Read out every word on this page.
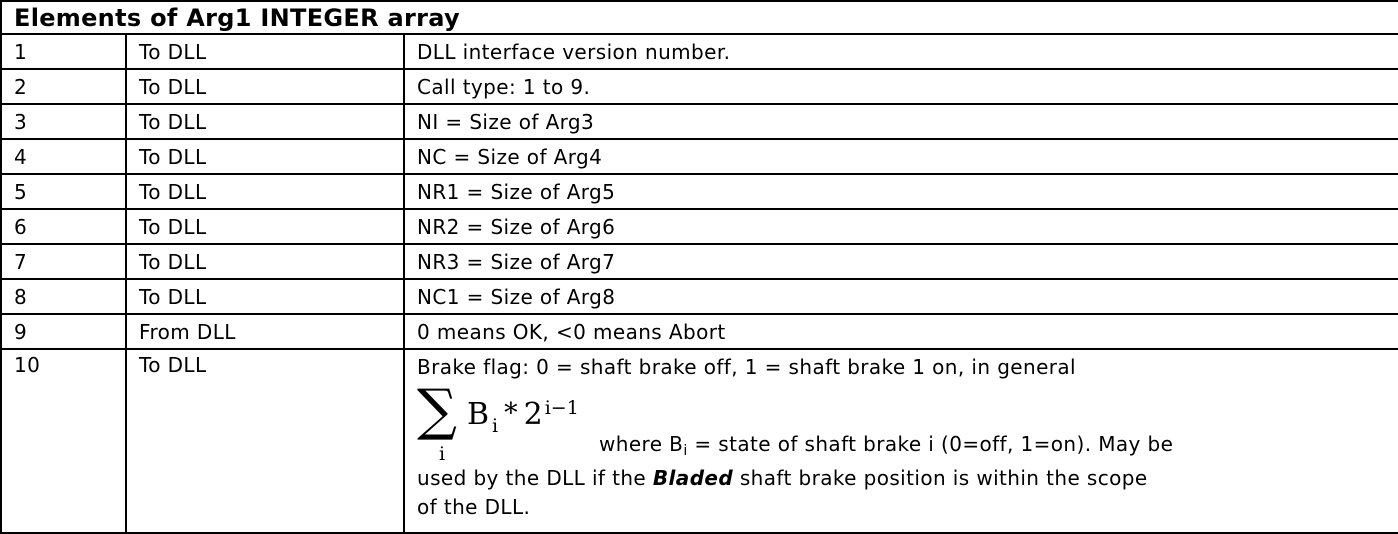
Elements of Arg1 INTEGER array		
1	To DLL	DLL interface version number.
2	To DLL	Call type: 1 to 9.
3	To DLL	NI = Size of Arg3
4	To DLL	NC = Size of Arg4
5	To DLL	NR1 = Size of Arg5
6	To DLL	NR2 = Size of Arg6
7	To DLL	NR3 = Size of Arg7
8	To DLL	NC1 = Size of Arg8
9	From DLL	0 means OK, <0 means Abort
10	To DLL	Brake flag: 0 = shaft brake off, 1 = shaft brake 1 on, in general
∑
i
B $_i$ * 2 $^{i-1}$
where $B_i$ = state of shaft brake i (0=off, 1=on). May be
used by the DLL if the Bladed shaft brake position is within the scope
of the DLL.
